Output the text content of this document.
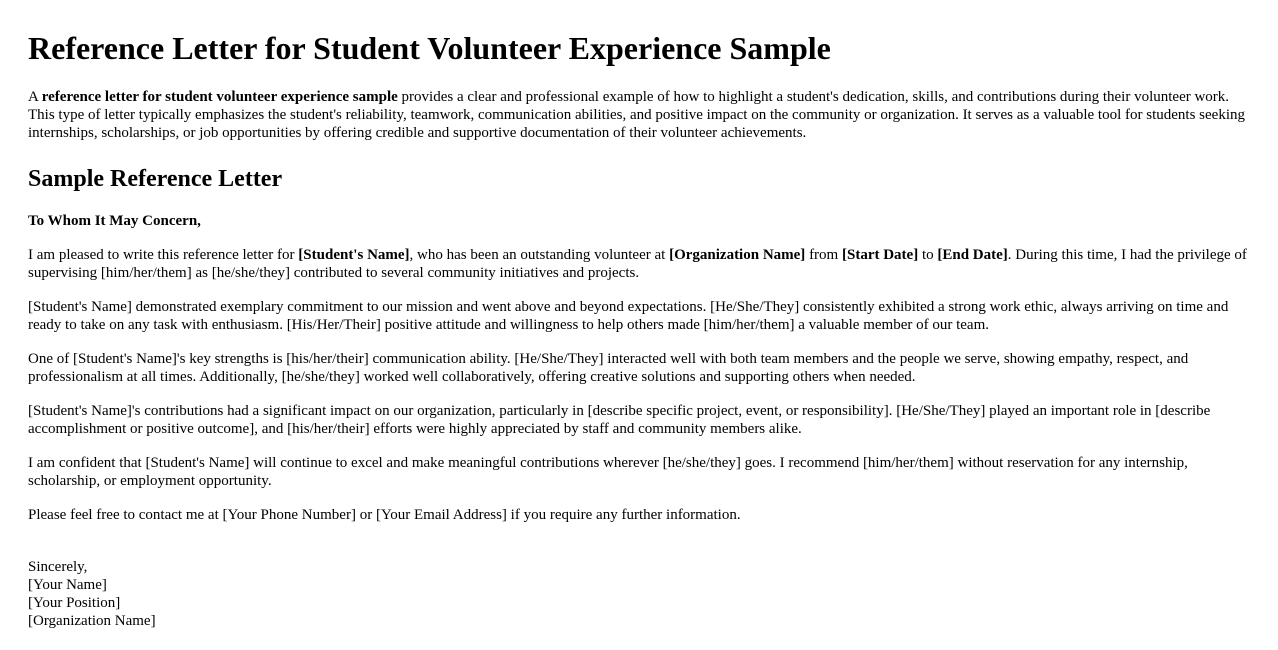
Reference Letter for Student Volunteer Experience Sample

A reference letter for student volunteer experience sample provides a clear and professional example of how to highlight a student's dedication, skills, and contributions during their volunteer work. This type of letter typically emphasizes the student's reliability, teamwork, communication abilities, and positive impact on the community or organization. It serves as a valuable tool for students seeking internships, scholarships, or job opportunities by offering credible and supportive documentation of their volunteer achievements.

Sample Reference Letter

To Whom It May Concern,

I am pleased to write this reference letter for [Student's Name], who has been an outstanding volunteer at [Organization Name] from [Start Date] to [End Date]. During this time, I had the privilege of supervising [him/her/them] as [he/she/they] contributed to several community initiatives and projects.

[Student's Name] demonstrated exemplary commitment to our mission and went above and beyond expectations. [He/She/They] consistently exhibited a strong work ethic, always arriving on time and ready to take on any task with enthusiasm. [His/Her/Their] positive attitude and willingness to help others made [him/her/them] a valuable member of our team.

One of [Student's Name]'s key strengths is [his/her/their] communication ability. [He/She/They] interacted well with both team members and the people we serve, showing empathy, respect, and professionalism at all times. Additionally, [he/she/they] worked well collaboratively, offering creative solutions and supporting others when needed.

[Student's Name]'s contributions had a significant impact on our organization, particularly in [describe specific project, event, or responsibility]. [He/She/They] played an important role in [describe accomplishment or positive outcome], and [his/her/their] efforts were highly appreciated by staff and community members alike.

I am confident that [Student's Name] will continue to excel and make meaningful contributions wherever [he/she/they] goes. I recommend [him/her/them] without reservation for any internship, scholarship, or employment opportunity.

Please feel free to contact me at [Your Phone Number] or [Your Email Address] if you require any further information.

Sincerely,
[Your Name]
[Your Position]
[Organization Name]
